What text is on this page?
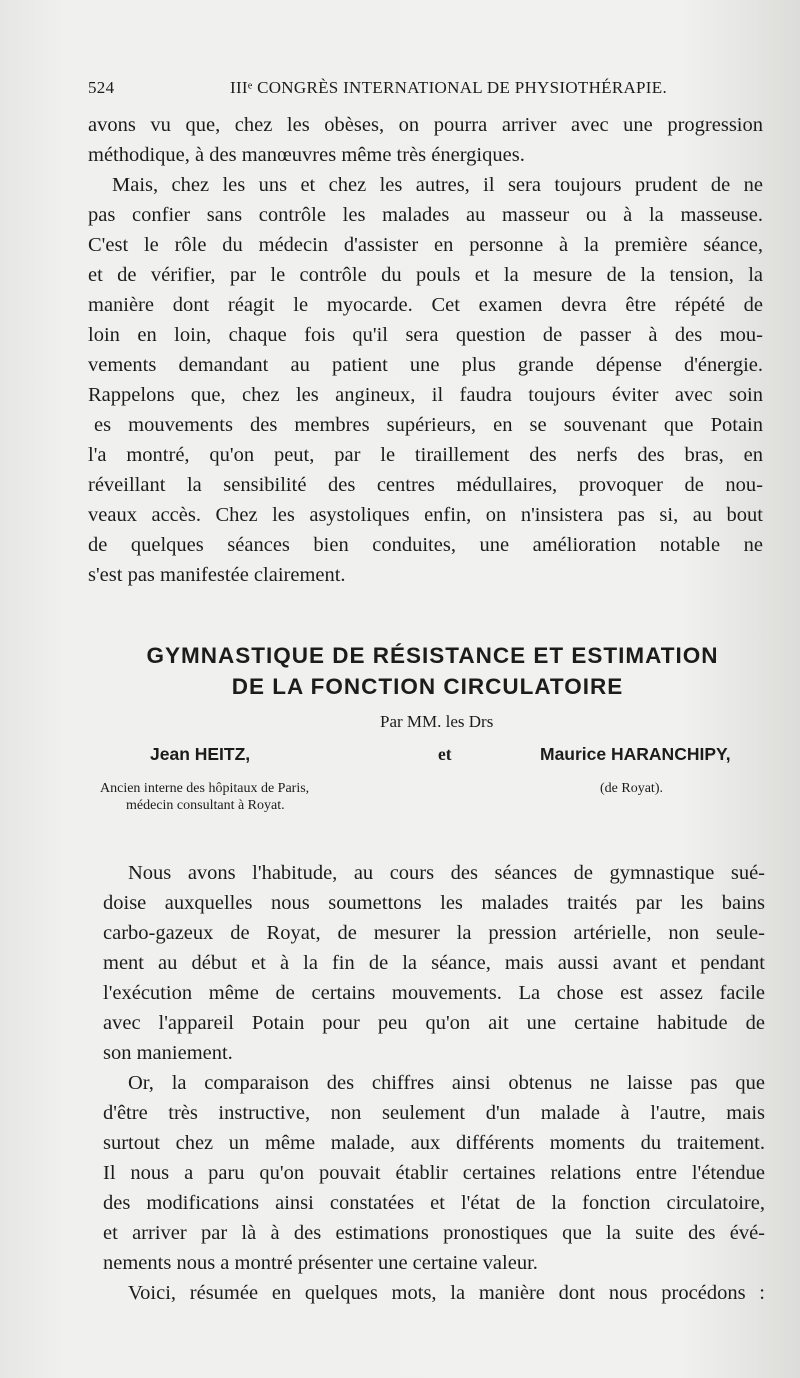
524	IIIᵉ CONGRÈS INTERNATIONAL DE PHYSIOTHÉRAPIE.
avons vu que, chez les obèses, on pourra arriver avec une progression
méthodique, à des manœuvres même très énergiques.
Mais, chez les uns et chez les autres, il sera toujours prudent de ne
pas confier sans contrôle les malades au masseur ou à la masseuse.
C'est le rôle du médecin d'assister en personne à la première séance,
et de vérifier, par le contrôle du pouls et la mesure de la tension, la
manière dont réagit le myocarde. Cet examen devra être répété de
loin en loin, chaque fois qu'il sera question de passer à des mou-
vements demandant au patient une plus grande dépense d'énergie.
Rappelons que, chez les angineux, il faudra toujours éviter avec soin
es mouvements des membres supérieurs, en se souvenant que Potain
l'a montré, qu'on peut, par le tiraillement des nerfs des bras, en
réveillant la sensibilité des centres médullaires, provoquer de nou-
veaux accès. Chez les asystoliques enfin, on n'insistera pas si, au bout
de quelques séances bien conduites, une amélioration notable ne
s'est pas manifestée clairement.
GYMNASTIQUE DE RÉSISTANCE ET ESTIMATION
DE LA FONCTION CIRCULATOIRE
Par MM. les Drs
Jean HEITZ,	et	Maurice HARANCHIPY,
Ancien interne des hôpitaux de Paris,
médecin consultant à Royat.
(de Royat).
Nous avons l'habitude, au cours des séances de gymnastique sué-
doise auxquelles nous soumettons les malades traités par les bains
carbo-gazeux de Royat, de mesurer la pression artérielle, non seule-
ment au début et à la fin de la séance, mais aussi avant et pendant
l'exécution même de certains mouvements. La chose est assez facile
avec l'appareil Potain pour peu qu'on ait une certaine habitude de
son maniement.
Or, la comparaison des chiffres ainsi obtenus ne laisse pas que
d'être très instructive, non seulement d'un malade à l'autre, mais
surtout chez un même malade, aux différents moments du traitement.
Il nous a paru qu'on pouvait établir certaines relations entre l'étendue
des modifications ainsi constatées et l'état de la fonction circulatoire,
et arriver par là à des estimations pronostiques que la suite des évé-
nements nous a montré présenter une certaine valeur.
Voici, résumée en quelques mots, la manière dont nous procédons :
